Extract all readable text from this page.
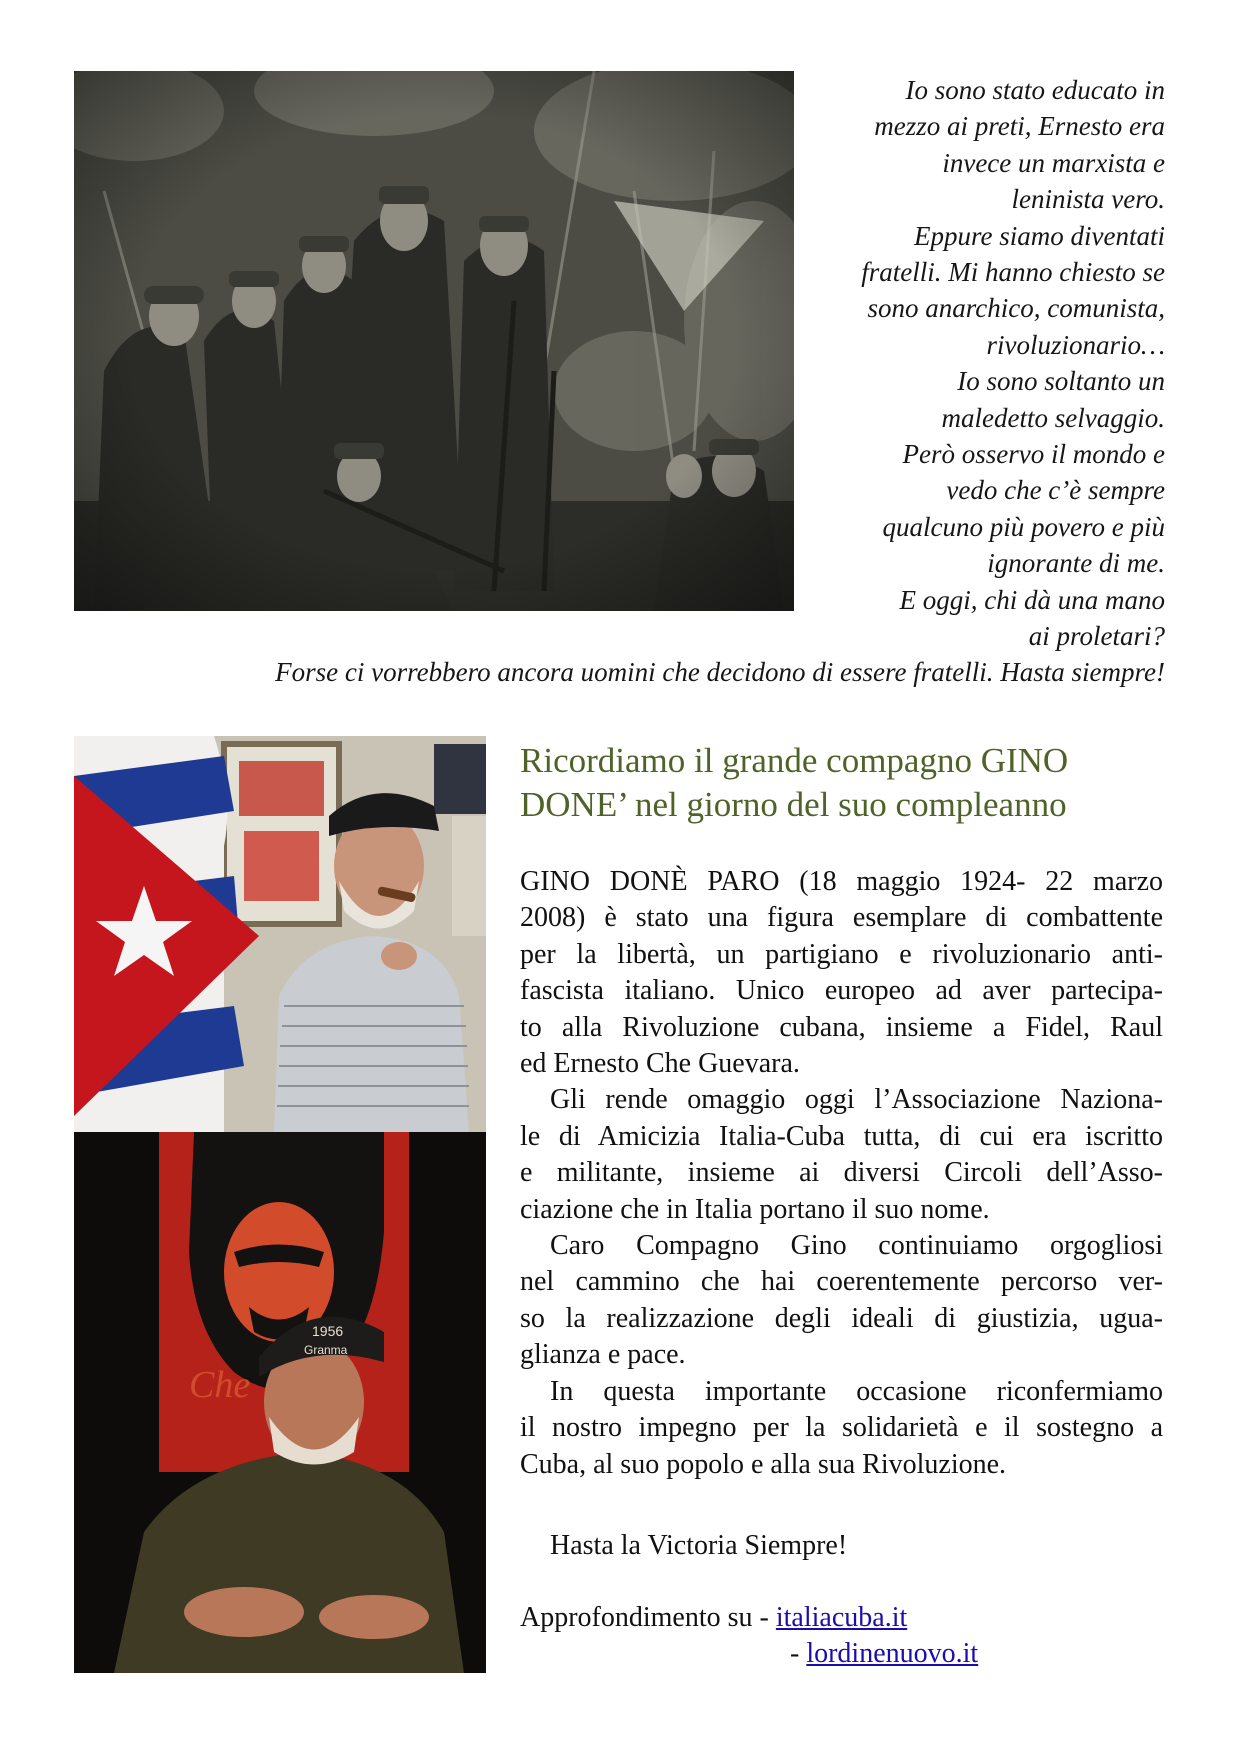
Io sono stato educato in
mezzo ai preti, Ernesto era
invece un marxista e
leninista vero.
Eppure siamo diventati
fratelli. Mi hanno chiesto se
sono anarchico, comunista,
rivoluzionario…
Io sono soltanto un
maledetto selvaggio.
Però osservo il mondo e
vedo che c’è sempre
qualcuno più povero e più
ignorante di me.
E oggi, chi dà una mano
ai proletari?
Forse ci vorrebbero ancora uomini che decidono di essere fratelli. Hasta siempre!
Che
1956
Granma
Ricordiamo il grande compagno GINO
DONE’ nel giorno del suo compleanno
GINO DONÈ PARO (18 maggio 1924- 22 marzo
2008) è stato una figura esemplare di combattente
per la libertà, un partigiano e rivoluzionario anti-
fascista italiano. Unico europeo ad aver partecipa-
to alla Rivoluzione cubana, insieme a Fidel, Raul
ed Ernesto Che Guevara.
Gli rende omaggio oggi l’Associazione Naziona-
le di Amicizia Italia-Cuba tutta, di cui era iscritto
e militante, insieme ai diversi Circoli dell’Asso-
ciazione che in Italia portano il suo nome.
Caro Compagno Gino continuiamo orgogliosi
nel cammino che hai coerentemente percorso ver-
so la realizzazione degli ideali di giustizia, ugua-
glianza e pace.
In questa importante occasione riconfermiamo
il nostro impegno per la solidarietà e il sostegno a
Cuba, al suo popolo e alla sua Rivoluzione.
Hasta la Victoria Siempre!
Approfondimento su - italiacuba.it
- lordinenuovo.it
